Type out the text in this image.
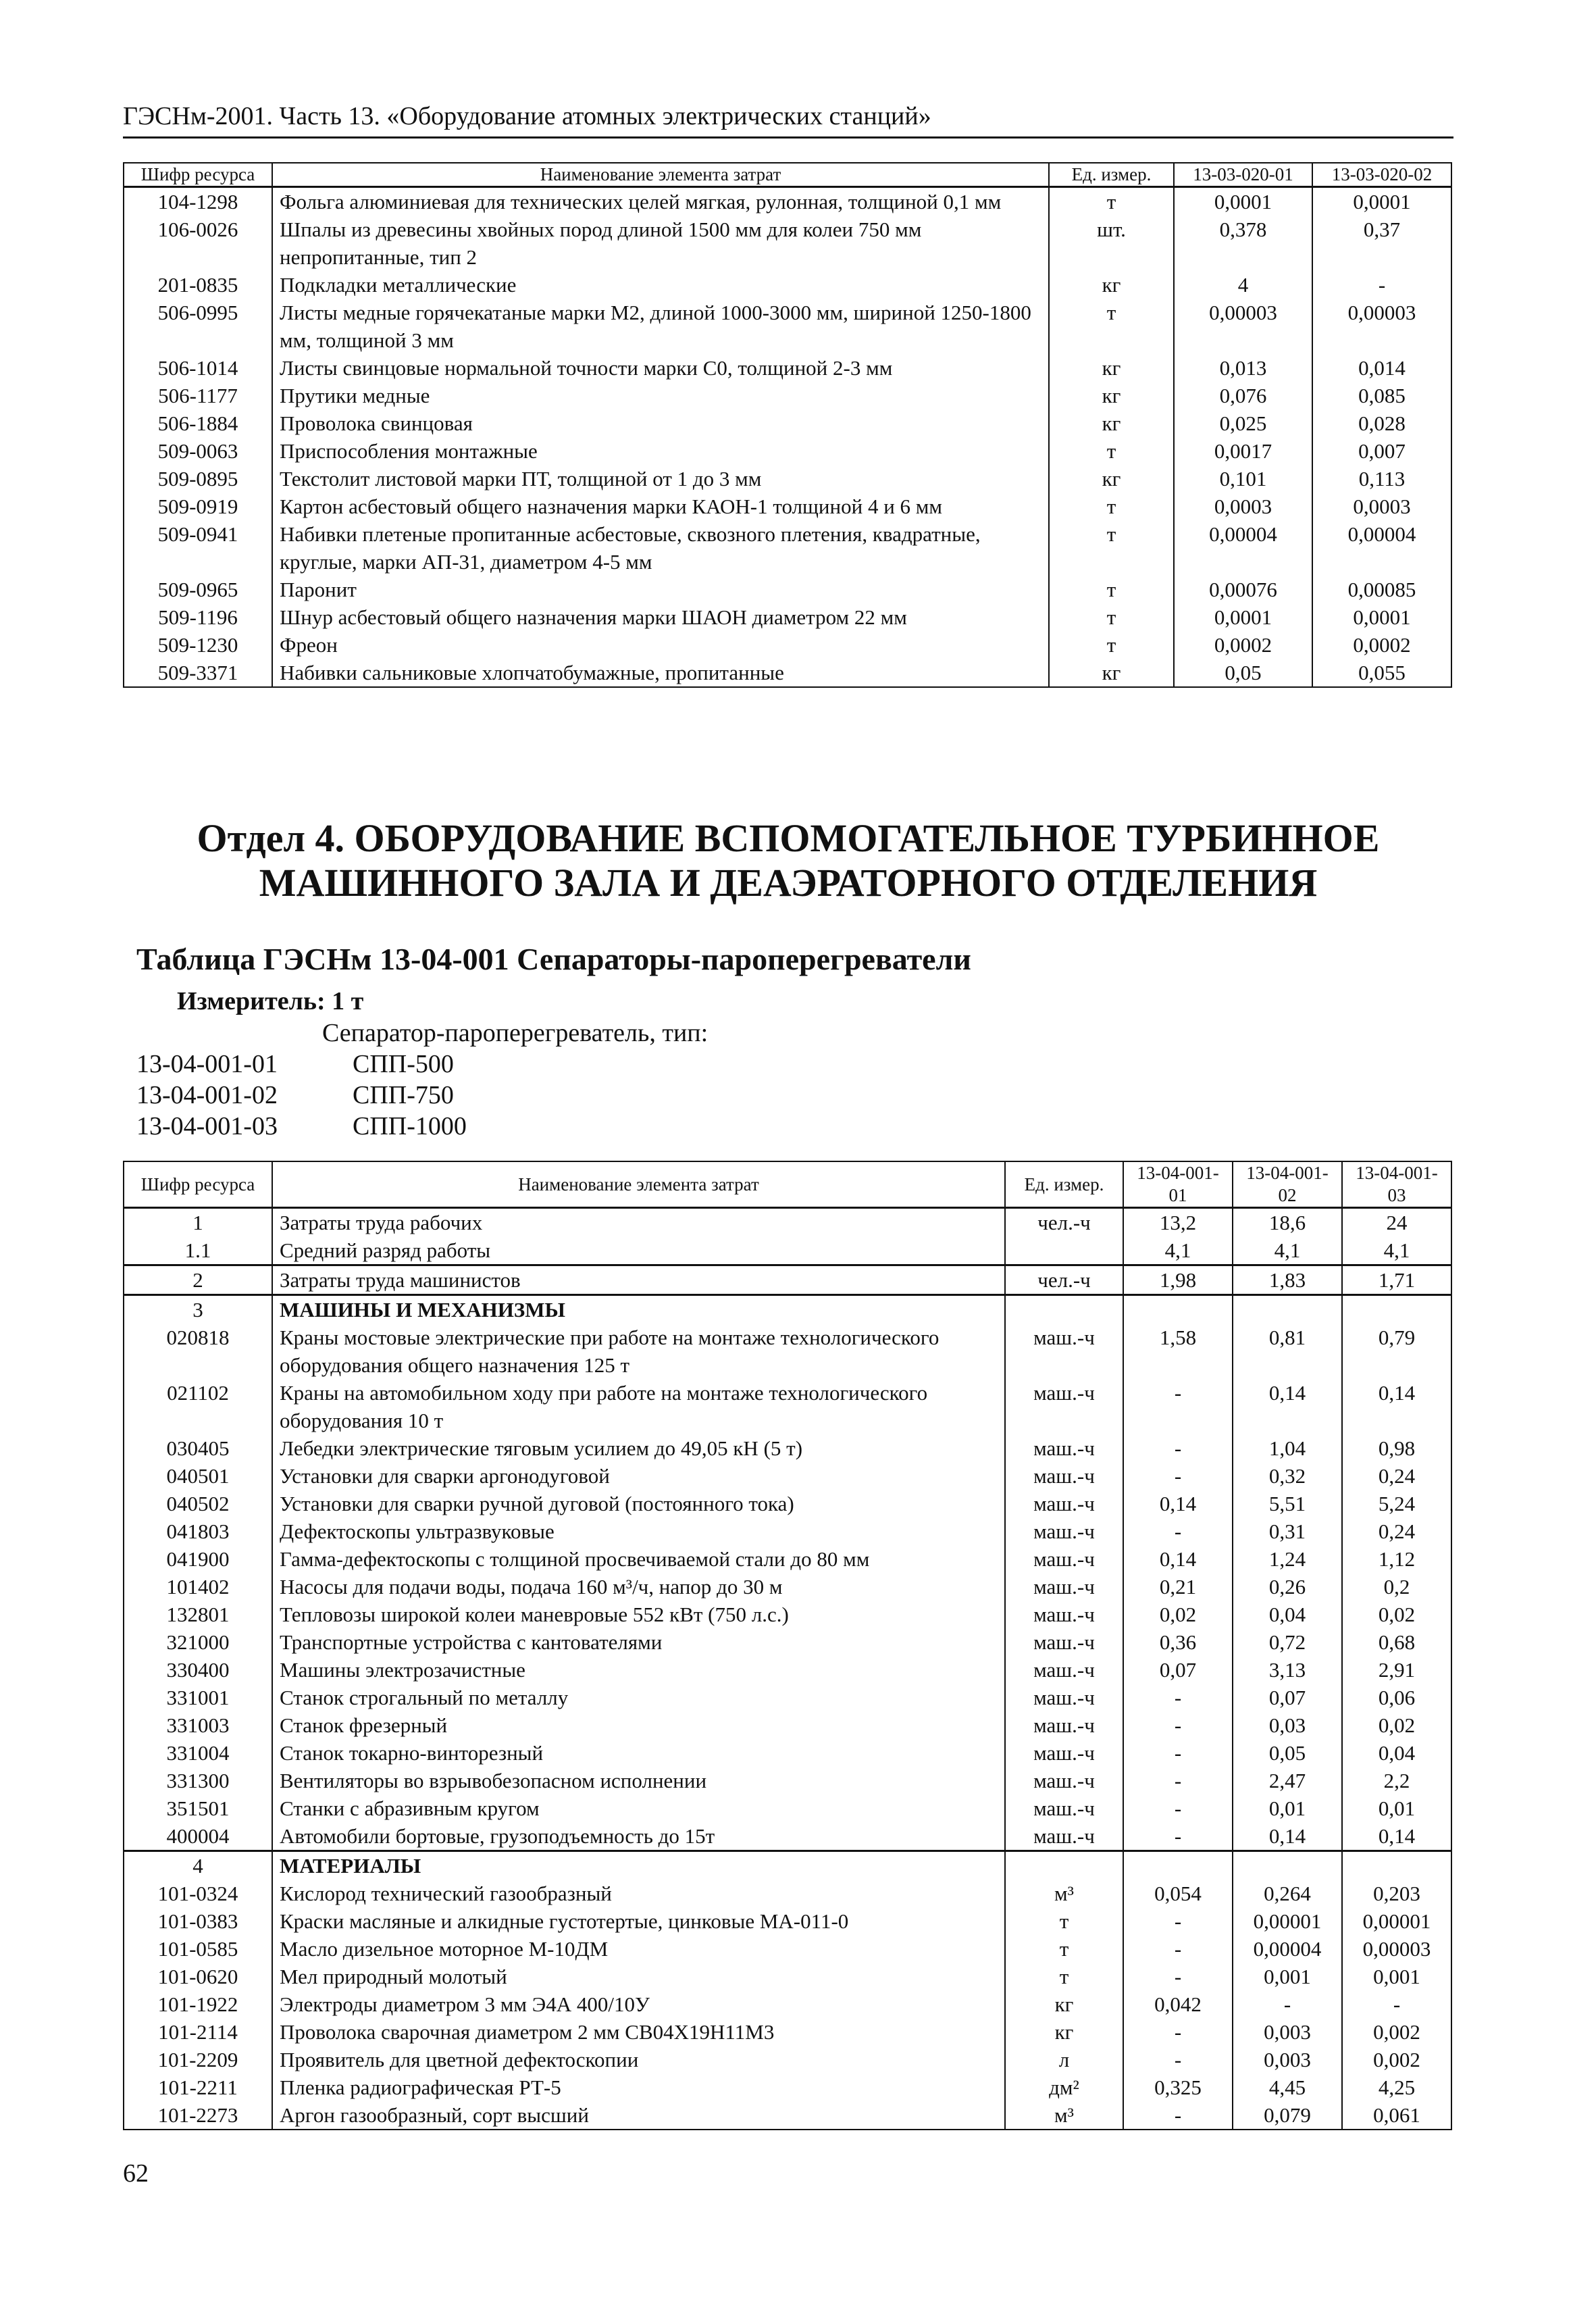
ГЭСНм-2001. Часть 13. «Оборудование атомных электрических станций»
Шифр ресурса	Наименование элемента затрат	Ед. измер.	13-03-020-01	13-03-020-02
104-1298	Фольга алюминиевая для технических целей мягкая, рулонная, толщиной 0,1 мм	т	0,0001	0,0001
106-0026	Шпалы из древесины хвойных пород длиной 1500 мм для колеи 750 мм непропитанные, тип 2	шт.	0,378	0,37
201-0835	Подкладки металлические	кг	4	-
506-0995	Листы медные горячекатаные марки М2, длиной 1000-3000 мм, шириной 1250-1800 мм, толщиной 3 мм	т	0,00003	0,00003
506-1014	Листы свинцовые нормальной точности марки С0, толщиной 2-3 мм	кг	0,013	0,014
506-1177	Прутики медные	кг	0,076	0,085
506-1884	Проволока свинцовая	кг	0,025	0,028
509-0063	Приспособления монтажные	т	0,0017	0,007
509-0895	Текстолит листовой марки ПТ, толщиной от 1 до 3 мм	кг	0,101	0,113
509-0919	Картон асбестовый общего назначения марки КАОН-1 толщиной 4 и 6 мм	т	0,0003	0,0003
509-0941	Набивки плетеные пропитанные асбестовые, сквозного плетения, квадратные, круглые, марки АП-31, диаметром 4-5 мм	т	0,00004	0,00004
509-0965	Паронит	т	0,00076	0,00085
509-1196	Шнур асбестовый общего назначения марки ШАОН диаметром 22 мм	т	0,0001	0,0001
509-1230	Фреон	т	0,0002	0,0002
509-3371	Набивки сальниковые хлопчатобумажные, пропитанные	кг	0,05	0,055
Отдел 4. ОБОРУДОВАНИЕ ВСПОМОГАТЕЛЬНОЕ ТУРБИННОЕ
МАШИННОГО ЗАЛА И ДЕАЭРАТОРНОГО ОТДЕЛЕНИЯ
Таблица ГЭСНм 13-04-001 Сепараторы-пароперегреватели
Измеритель: 1 т
Сепаратор-пароперегреватель, тип:
13-04-001-01	СПП-500
13-04-001-02	СПП-750
13-04-001-03	СПП-1000
Шифр ресурса	Наименование элемента затрат	Ед. измер.	13-04-001-01	13-04-001-02	13-04-001-03
1	Затраты труда рабочих	чел.-ч	13,2	18,6	24
1.1	Средний разряд работы		4,1	4,1	4,1
2	Затраты труда машинистов	чел.-ч	1,98	1,83	1,71
3	МАШИНЫ И МЕХАНИЗМЫ				
020818	Краны мостовые электрические при работе на монтаже технологического оборудования общего назначения 125 т	маш.-ч	1,58	0,81	0,79
021102	Краны на автомобильном ходу при работе на монтаже технологического оборудования 10 т	маш.-ч	-	0,14	0,14
030405	Лебедки электрические тяговым усилием до 49,05 кН (5 т)	маш.-ч	-	1,04	0,98
040501	Установки для сварки аргонодуговой	маш.-ч	-	0,32	0,24
040502	Установки для сварки ручной дуговой (постоянного тока)	маш.-ч	0,14	5,51	5,24
041803	Дефектоскопы ультразвуковые	маш.-ч	-	0,31	0,24
041900	Гамма-дефектоскопы с толщиной просвечиваемой стали до 80 мм	маш.-ч	0,14	1,24	1,12
101402	Насосы для подачи воды, подача 160 м³/ч, напор до 30 м	маш.-ч	0,21	0,26	0,2
132801	Тепловозы широкой колеи маневровые 552 кВт (750 л.с.)	маш.-ч	0,02	0,04	0,02
321000	Транспортные устройства с кантователями	маш.-ч	0,36	0,72	0,68
330400	Машины электрозачистные	маш.-ч	0,07	3,13	2,91
331001	Станок строгальный по металлу	маш.-ч	-	0,07	0,06
331003	Станок фрезерный	маш.-ч	-	0,03	0,02
331004	Станок токарно-винторезный	маш.-ч	-	0,05	0,04
331300	Вентиляторы во взрывобезопасном исполнении	маш.-ч	-	2,47	2,2
351501	Станки с абразивным кругом	маш.-ч	-	0,01	0,01
400004	Автомобили бортовые, грузоподъемность до 15т	маш.-ч	-	0,14	0,14
4	МАТЕРИАЛЫ				
101-0324	Кислород технический газообразный	м³	0,054	0,264	0,203
101-0383	Краски масляные и алкидные густотертые, цинковые МА-011-0	т	-	0,00001	0,00001
101-0585	Масло дизельное моторное М-10ДМ	т	-	0,00004	0,00003
101-0620	Мел природный молотый	т	-	0,001	0,001
101-1922	Электроды диаметром 3 мм Э4А 400/10У	кг	0,042	-	-
101-2114	Проволока сварочная диаметром 2 мм СВ04Х19Н11М3	кг	-	0,003	0,002
101-2209	Проявитель для цветной дефектоскопии	л	-	0,003	0,002
101-2211	Пленка радиографическая РТ-5	дм²	0,325	4,45	4,25
101-2273	Аргон газообразный, сорт высший	м³	-	0,079	0,061
62
